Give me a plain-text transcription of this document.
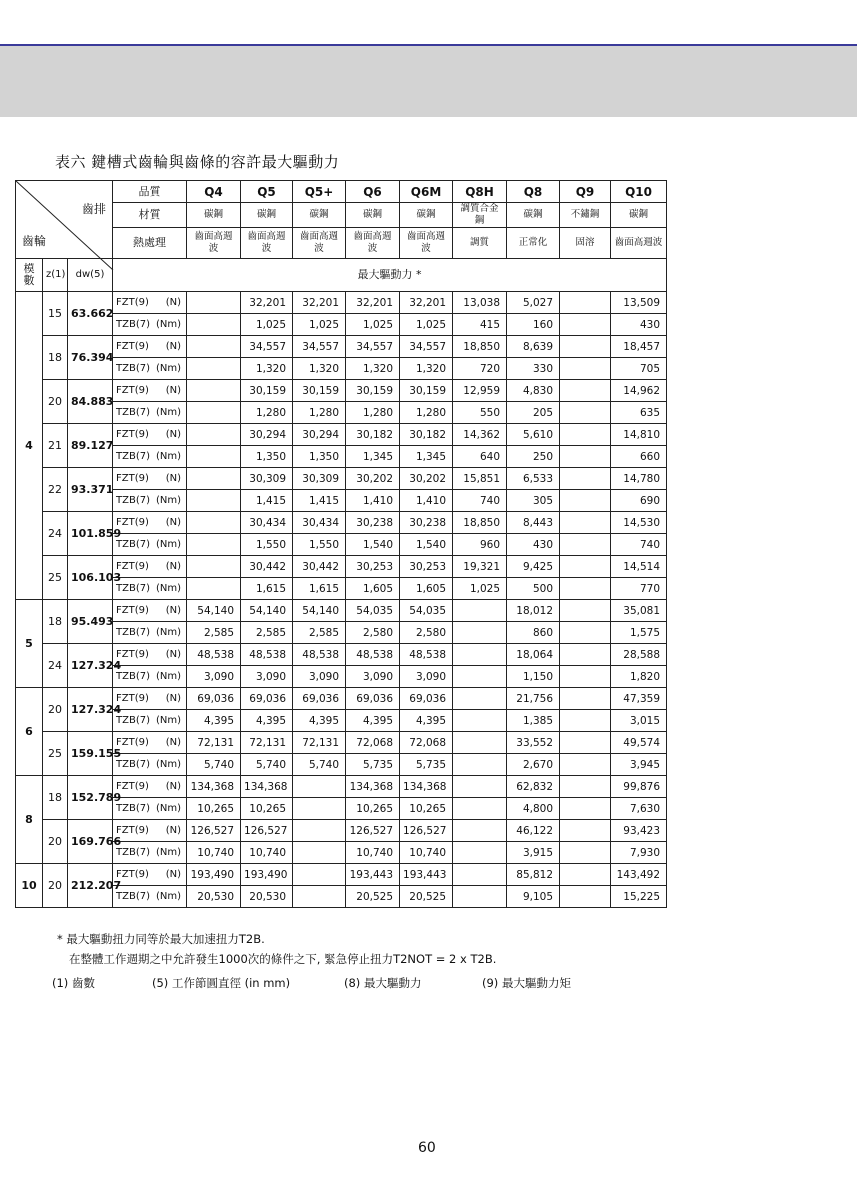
表六 鍵槽式齒輪與齒條的容許最大驅動力
齒排
齒輪			品質	Q4	Q5	Q5+	Q6	Q6M	Q8H	Q8	Q9	Q10
			材質	碳鋼	碳鋼	碳鋼	碳鋼	碳鋼	調質合金鋼	碳鋼	不鏽鋼	碳鋼
			熱處理	齒面高週波	齒面高週波	齒面高週波	齒面高週波	齒面高週波	調質	正常化	固溶	齒面高週波
模數	z(1)	dw(5)	最大驅動力 *									
4	15	63.662	FZT(9) (N)		32,201	32,201	32,201	32,201	13,038	5,027		13,509

			TZB(7) (Nm)		1,025	1,025	1,025	1,025	415	160		430
	18	76.394	FZT(9) (N)		34,557	34,557	34,557	34,557	18,850	8,639		18,457

			TZB(7) (Nm)		1,320	1,320	1,320	1,320	720	330		705
	20	84.883	FZT(9) (N)		30,159	30,159	30,159	30,159	12,959	4,830		14,962

			TZB(7) (Nm)		1,280	1,280	1,280	1,280	550	205		635
	21	89.127	FZT(9) (N)		30,294	30,294	30,182	30,182	14,362	5,610		14,810

			TZB(7) (Nm)		1,350	1,350	1,345	1,345	640	250		660
	22	93.371	FZT(9) (N)		30,309	30,309	30,202	30,202	15,851	6,533		14,780

			TZB(7) (Nm)		1,415	1,415	1,410	1,410	740	305		690
	24	101.859	FZT(9) (N)		30,434	30,434	30,238	30,238	18,850	8,443		14,530

			TZB(7) (Nm)		1,550	1,550	1,540	1,540	960	430		740
	25	106.103	FZT(9) (N)		30,442	30,442	30,253	30,253	19,321	9,425		14,514

			TZB(7) (Nm)		1,615	1,615	1,605	1,605	1,025	500		770
5	18	95.493	FZT(9) (N)	54,140	54,140	54,140	54,035	54,035		18,012		35,081

			TZB(7) (Nm)	2,585	2,585	2,585	2,580	2,580		860		1,575
	24	127.324	FZT(9) (N)	48,538	48,538	48,538	48,538	48,538		18,064		28,588

			TZB(7) (Nm)	3,090	3,090	3,090	3,090	3,090		1,150		1,820
6	20	127.324	FZT(9) (N)	69,036	69,036	69,036	69,036	69,036		21,756		47,359

			TZB(7) (Nm)	4,395	4,395	4,395	4,395	4,395		1,385		3,015
	25	159.155	FZT(9) (N)	72,131	72,131	72,131	72,068	72,068		33,552		49,574

			TZB(7) (Nm)	5,740	5,740	5,740	5,735	5,735		2,670		3,945
8	18	152.789	FZT(9) (N)	134,368	134,368		134,368	134,368		62,832		99,876

			TZB(7) (Nm)	10,265	10,265		10,265	10,265		4,800		7,630
	20	169.766	FZT(9) (N)	126,527	126,527		126,527	126,527		46,122		93,423

			TZB(7) (Nm)	10,740	10,740		10,740	10,740		3,915		7,930
10	20	212.207	FZT(9) (N)	193,490	193,490		193,443	193,443		85,812		143,492

			TZB(7) (Nm)	20,530	20,530		20,525	20,525		9,105		15,225
* 最大驅動扭力同等於最大加速扭力T2B.
在整體工作週期之中允許發生1000次的條件之下, 緊急停止扭力T2NOT = 2 x T2B.
(1) 齒數	(5) 工作節圓直徑 (in mm)	(8) 最大驅動力	(9) 最大驅動力矩
60
